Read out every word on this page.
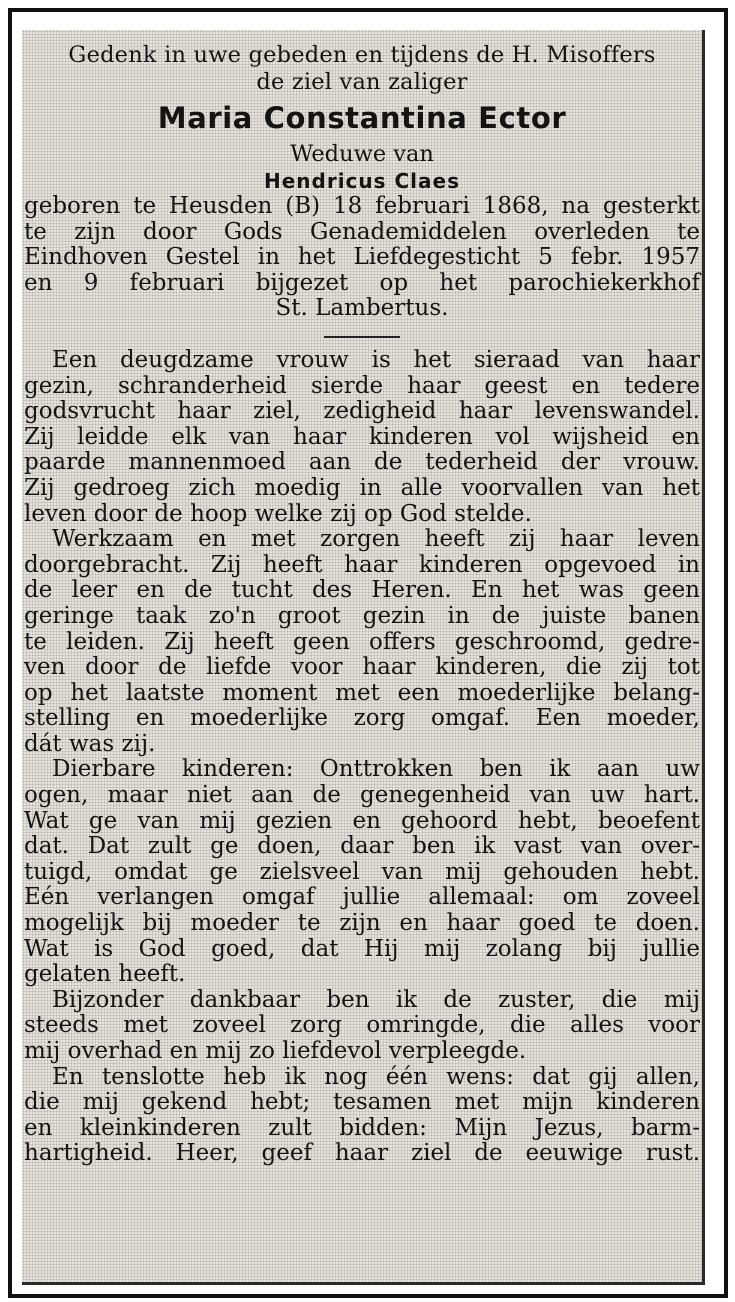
Gedenk in uwe gebeden en tijdens de H. Misoffers
de ziel van zaliger
Maria Constantina Ector
Weduwe van
Hendricus Claes
geboren te Heusden (B) 18 februari 1868, na gesterkt
te zijn door Gods Genademiddelen overleden te
Eindhoven Gestel in het Liefdegesticht 5 febr. 1957
en 9 februari bijgezet op het parochiekerkhof
St. Lambertus.
Een deugdzame vrouw is het sieraad van haar
gezin, schranderheid sierde haar geest en tedere
godsvrucht haar ziel, zedigheid haar levenswandel.
Zij leidde elk van haar kinderen vol wijsheid en
paarde mannenmoed aan de tederheid der vrouw.
Zij gedroeg zich moedig in alle voorvallen van het
leven door de hoop welke zij op God stelde.
Werkzaam en met zorgen heeft zij haar leven
doorgebracht. Zij heeft haar kinderen opgevoed in
de leer en de tucht des Heren. En het was geen
geringe taak zo'n groot gezin in de juiste banen
te leiden. Zij heeft geen offers geschroomd, gedre-
ven door de liefde voor haar kinderen, die zij tot
op het laatste moment met een moederlijke belang-
stelling en moederlijke zorg omgaf. Een moeder,
dát was zij.
Dierbare kinderen: Onttrokken ben ik aan uw
ogen, maar niet aan de genegenheid van uw hart.
Wat ge van mij gezien en gehoord hebt, beoefent
dat. Dat zult ge doen, daar ben ik vast van over-
tuigd, omdat ge zielsveel van mij gehouden hebt.
Eén verlangen omgaf jullie allemaal: om zoveel
mogelijk bij moeder te zijn en haar goed te doen.
Wat is God goed, dat Hij mij zolang bij jullie
gelaten heeft.
Bijzonder dankbaar ben ik de zuster, die mij
steeds met zoveel zorg omringde, die alles voor
mij overhad en mij zo liefdevol verpleegde.
En tenslotte heb ik nog één wens: dat gij allen,
die mij gekend hebt; tesamen met mijn kinderen
en kleinkinderen zult bidden: Mijn Jezus, barm-
hartigheid. Heer, geef haar ziel de eeuwige rust.
